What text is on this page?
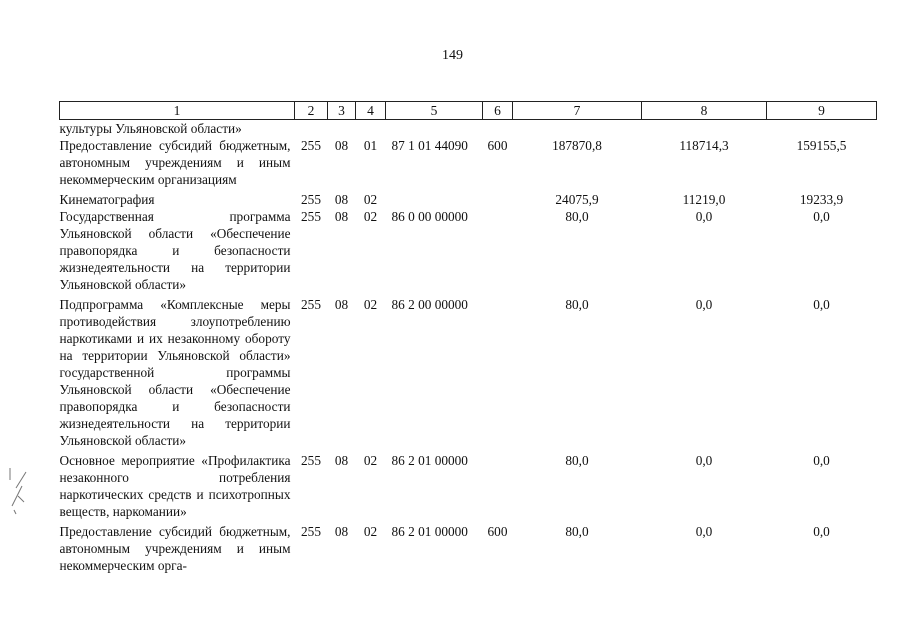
149
1	2	3	4	5	6	7	8	9
культуры Ульяновской области»								
Предоставление субсидий бюджетным, автономным учреждениям и иным некоммерческим организациям	255	08	01	87 1 01 44090	600	187870,8	118714,3	159155,5

Кинематография	255	08	02			24075,9	11219,0	19233,9
Государственная программа Ульяновской области «Обеспечение правопорядка и безопасности жизнедеятельности на территории Ульяновской области»	255	08	02	86 0 00 00000		80,0	0,0	0,0

Подпрограмма «Комплексные меры противодействия злоупотреблению наркотиками и их незаконному обороту на территории Ульяновской области» государственной программы Ульяновской области «Обеспечение правопорядка и безопасности жизнедеятельности на территории Ульяновской области»	255	08	02	86 2 00 00000		80,0	0,0	0,0

Основное мероприятие «Профилактика незаконного потребления наркотических средств и психотропных веществ, наркомании»	255	08	02	86 2 01 00000		80,0	0,0	0,0

Предоставление субсидий бюджетным, автономным учреждениям и иным некоммерческим орга-	255	08	02	86 2 01 00000	600	80,0	0,0	0,0
